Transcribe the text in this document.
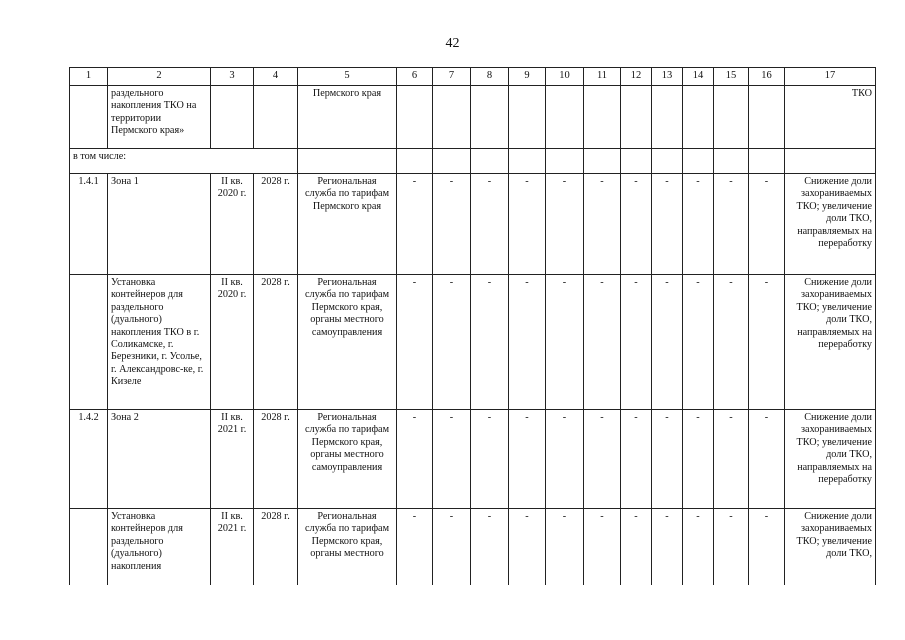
42
1	2	3	4	5	6	7	8	9	10	11	12	13	14	15	16	17
	раздельного накопления ТКО на территории Пермского края»			Пермского края												ТКО
в том числе:																
1.4.1	Зона 1	II кв. 2020 г.	2028 г.	Региональная служба по тарифам Пермского края	-	-	-	-	-	-	-	-	-	-	-	Снижение доли захораниваемых ТКО; увеличение доли ТКО, направляемых на переработку
	Установка контейнеров для раздельного (дуального) накопления ТКО в г. Соликамске, г. Березники, г. Усолье, г. Александровс-ке, г. Кизеле	II кв. 2020 г.	2028 г.	Региональная служба по тарифам Пермского края, органы местного самоуправления	-	-	-	-	-	-	-	-	-	-	-	Снижение доли захораниваемых ТКО; увеличение доли ТКО, направляемых на переработку
1.4.2	Зона 2	II кв. 2021 г.	2028 г.	Региональная служба по тарифам Пермского края, органы местного самоуправления	-	-	-	-	-	-	-	-	-	-	-	Снижение доли захораниваемых ТКО; увеличение доли ТКО, направляемых на переработку
	Установка контейнеров для раздельного (дуального) накопления	II кв. 2021 г.	2028 г.	Региональная служба по тарифам Пермского края, органы местного	-	-	-	-	-	-	-	-	-	-	-	Снижение доли захораниваемых ТКО; увеличение доли ТКО,
